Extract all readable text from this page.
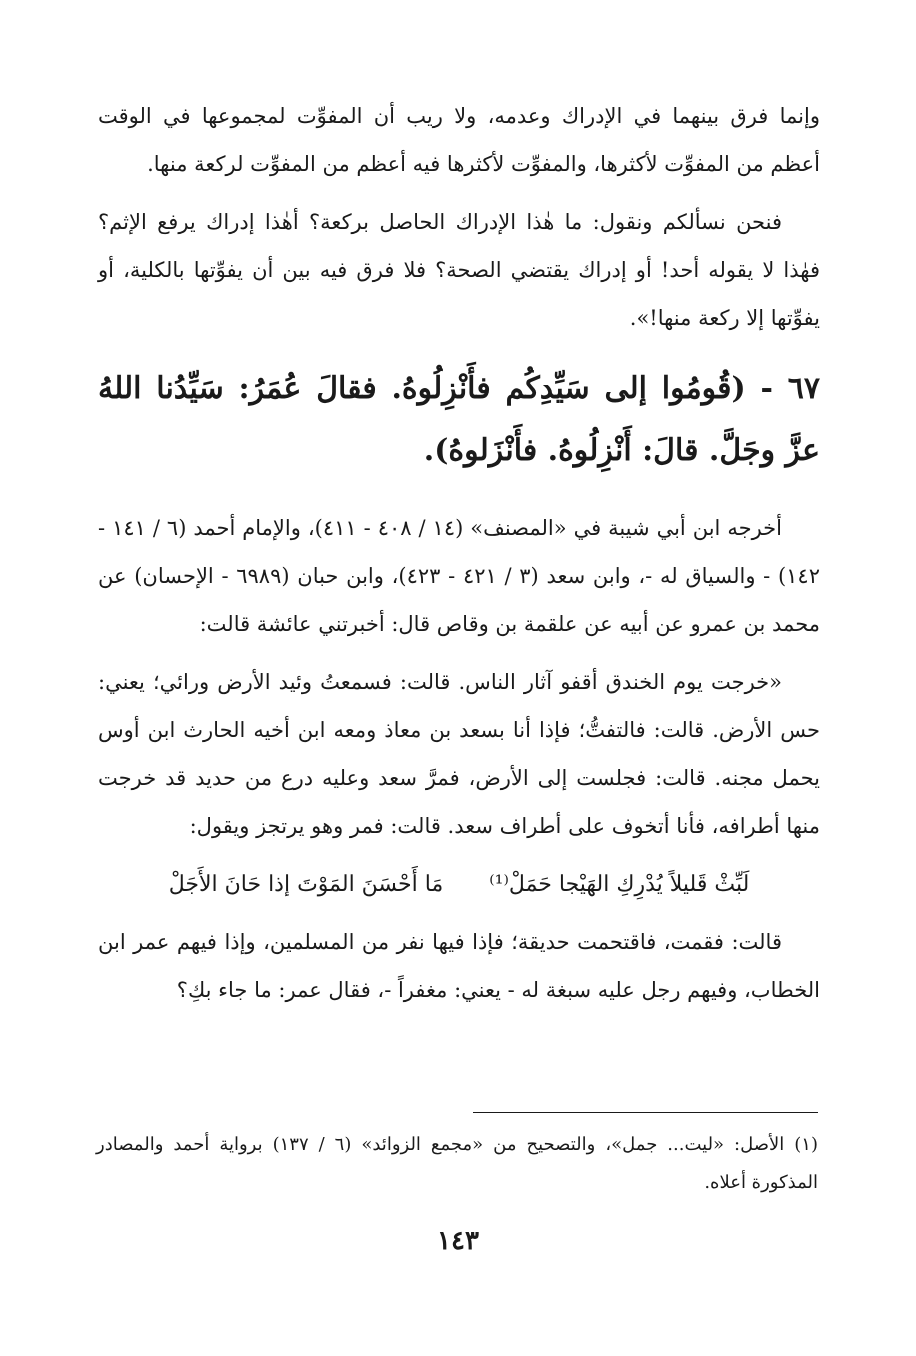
وإنما فرق بينهما في الإدراك وعدمه، ولا ريب أن المفوِّت لمجموعها في الوقت أعظم من المفوِّت لأكثرها، والمفوِّت لأكثرها فيه أعظم من المفوِّت لركعة منها.

فنحن نسألكم ونقول: ما هٰذا الإدراك الحاصل بركعة؟ أهٰذا إدراك يرفع الإثم؟ فهٰذا لا يقوله أحد! أو إدراك يقتضي الصحة؟ فلا فرق فيه بين أن يفوِّتها بالكلية، أو يفوِّتها إلا ركعة منها!».

٦٧ - (قُومُوا إلى سَيِّدِكُم فأَنْزِلُوهُ. فقالَ عُمَرُ: سَيِّدُنا اللهُ عزَّ وجَلَّ. قالَ: أَنْزِلُوهُ. فأَنْزَلوهُ).

أخرجه ابن أبي شيبة في «المصنف» (١٤ / ٤٠٨ - ٤١١)، والإمام أحمد (٦ / ١٤١ - ١٤٢) - والسياق له -، وابن سعد (٣ / ٤٢١ - ٤٢٣)، وابن حبان (٦٩٨٩ - الإحسان) عن محمد بن عمرو عن أبيه عن علقمة بن وقاص قال: أخبرتني عائشة قالت:

«خرجت يوم الخندق أقفو آثار الناس. قالت: فسمعتُ وئيد الأرض ورائي؛ يعني: حس الأرض. قالت: فالتفتُّ؛ فإذا أنا بسعد بن معاذ ومعه ابن أخيه الحارث ابن أوس يحمل مجنه. قالت: فجلست إلى الأرض، فمرَّ سعد وعليه درع من حديد قد خرجت منها أطرافه، فأنا أتخوف على أطراف سعد. قالت: فمر وهو يرتجز ويقول:

لَبِّثْ قَليلاً يُدْرِكِ الهَيْجا حَمَلْ⁽¹⁾
مَا أَحْسَنَ المَوْتَ إذا حَانَ الأَجَلْ

قالت: فقمت، فاقتحمت حديقة؛ فإذا فيها نفر من المسلمين، وإذا فيهم عمر ابن الخطاب، وفيهم رجل عليه سبغة له - يعني: مغفراً -، فقال عمر: ما جاء بكِ؟

(١) الأصل: «ليت... جمل»، والتصحيح من «مجمع الزوائد» (٦ / ١٣٧) برواية أحمد والمصادر المذكورة أعلاه.

١٤٣
